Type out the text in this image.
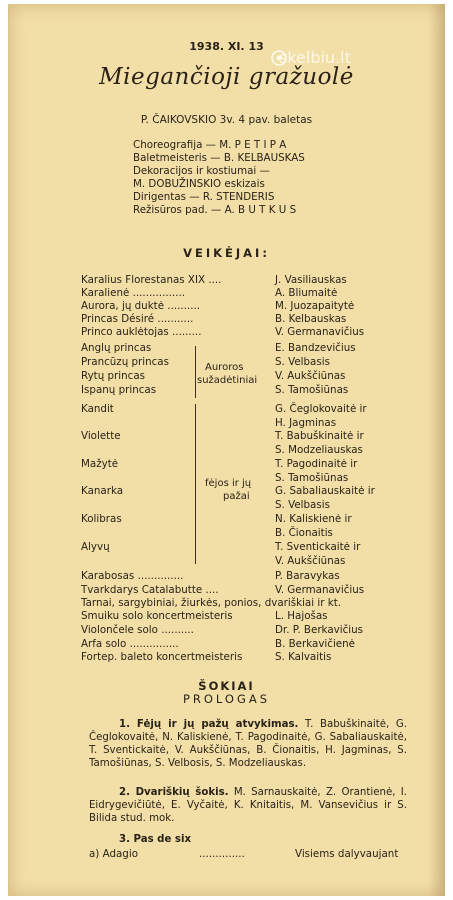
skelbiu.lt
1938. XI. 13
Miegančioji gražuolė
P. ČAIKOVSKIO 3v. 4 pav. baletas
Choreografija — M. P E T I P A
Baletmeisteris — B. KELBAUSKAS
Dekoracijos ir kostiumai —
M. DOBUŽINSKIO eskizais
Dirigentas — R. STENDERIS
Režisūros pad. — A. B U T K U S
VEIKĖJAI:
Karalius Florestanas XIX ....	J. Vasiliauskas
Karalienė ................	A. Bliumaitė
Aurora, jų duktė ..........	M. Juozapaitytė
Princas Désiré ...........	B. Kelbauskas
Princo auklėtojas .........	V. Germanavičius
Anglų princas	E. Bandzevičius
Prancūzų princas	S. Velbasis
Rytų princas	V. Aukščiūnas
Ispanų princas	S. Tamošiūnas
Kandit	G. Čeglokovaitė ir
H. Jagminas
Violette	T. Babuškinaitė ir
S. Modzeliauskas
Mažytė	T. Pagodinaitė ir
S. Tamošiūnas
Kanarka	G. Sabaliauskaitė ir
S. Velbasis
Kolibras	N. Kaliskienė ir
B. Čionaitis
Alyvų	T. Sventickaitė ir
V. Aukščiūnas
Karabosas ..............	P. Baravykas
Tvarkdarys Catalabutte ....	V. Germanavičius
Tarnai, sargybiniai, žiurkės, ponios, dvariškiai ir kt.
Smuiku solo koncertmeisteris	L. Hajošas
Violončele solo ..........	Dr. P. Berkavičius
Arfa solo ...............	B. Berkavičienė
Fortep. baleto koncertmeisteris	S. Kalvaitis
Auroros
sužadėtiniai
fėjos ir jų
pažai
ŠOKIAI
PROLOGAS
1. Fėjų ir jų pažų atvykimas. T. Babuškinaitė, G. Čeglokovaitė, N. Kaliskienė, T. Pagodinaitė, G. Sabaliauskaitė, T. Sventickaitė, V. Aukščiūnas, B. Čionaitis, H. Jagminas, S. Tamošiūnas, S. Velbosis, S. Modzeliauskas.
2. Dvariškių šokis. M. Sarnauskaitė, Z. Orantienė, I. Eidrygevičiūtė, E. Vyčaitė, K. Knitaitis, M. Vansevičius ir S. Bilida stud. mok.
3. Pas de six
a) Adagio	..............	Visiems dalyvaujant
